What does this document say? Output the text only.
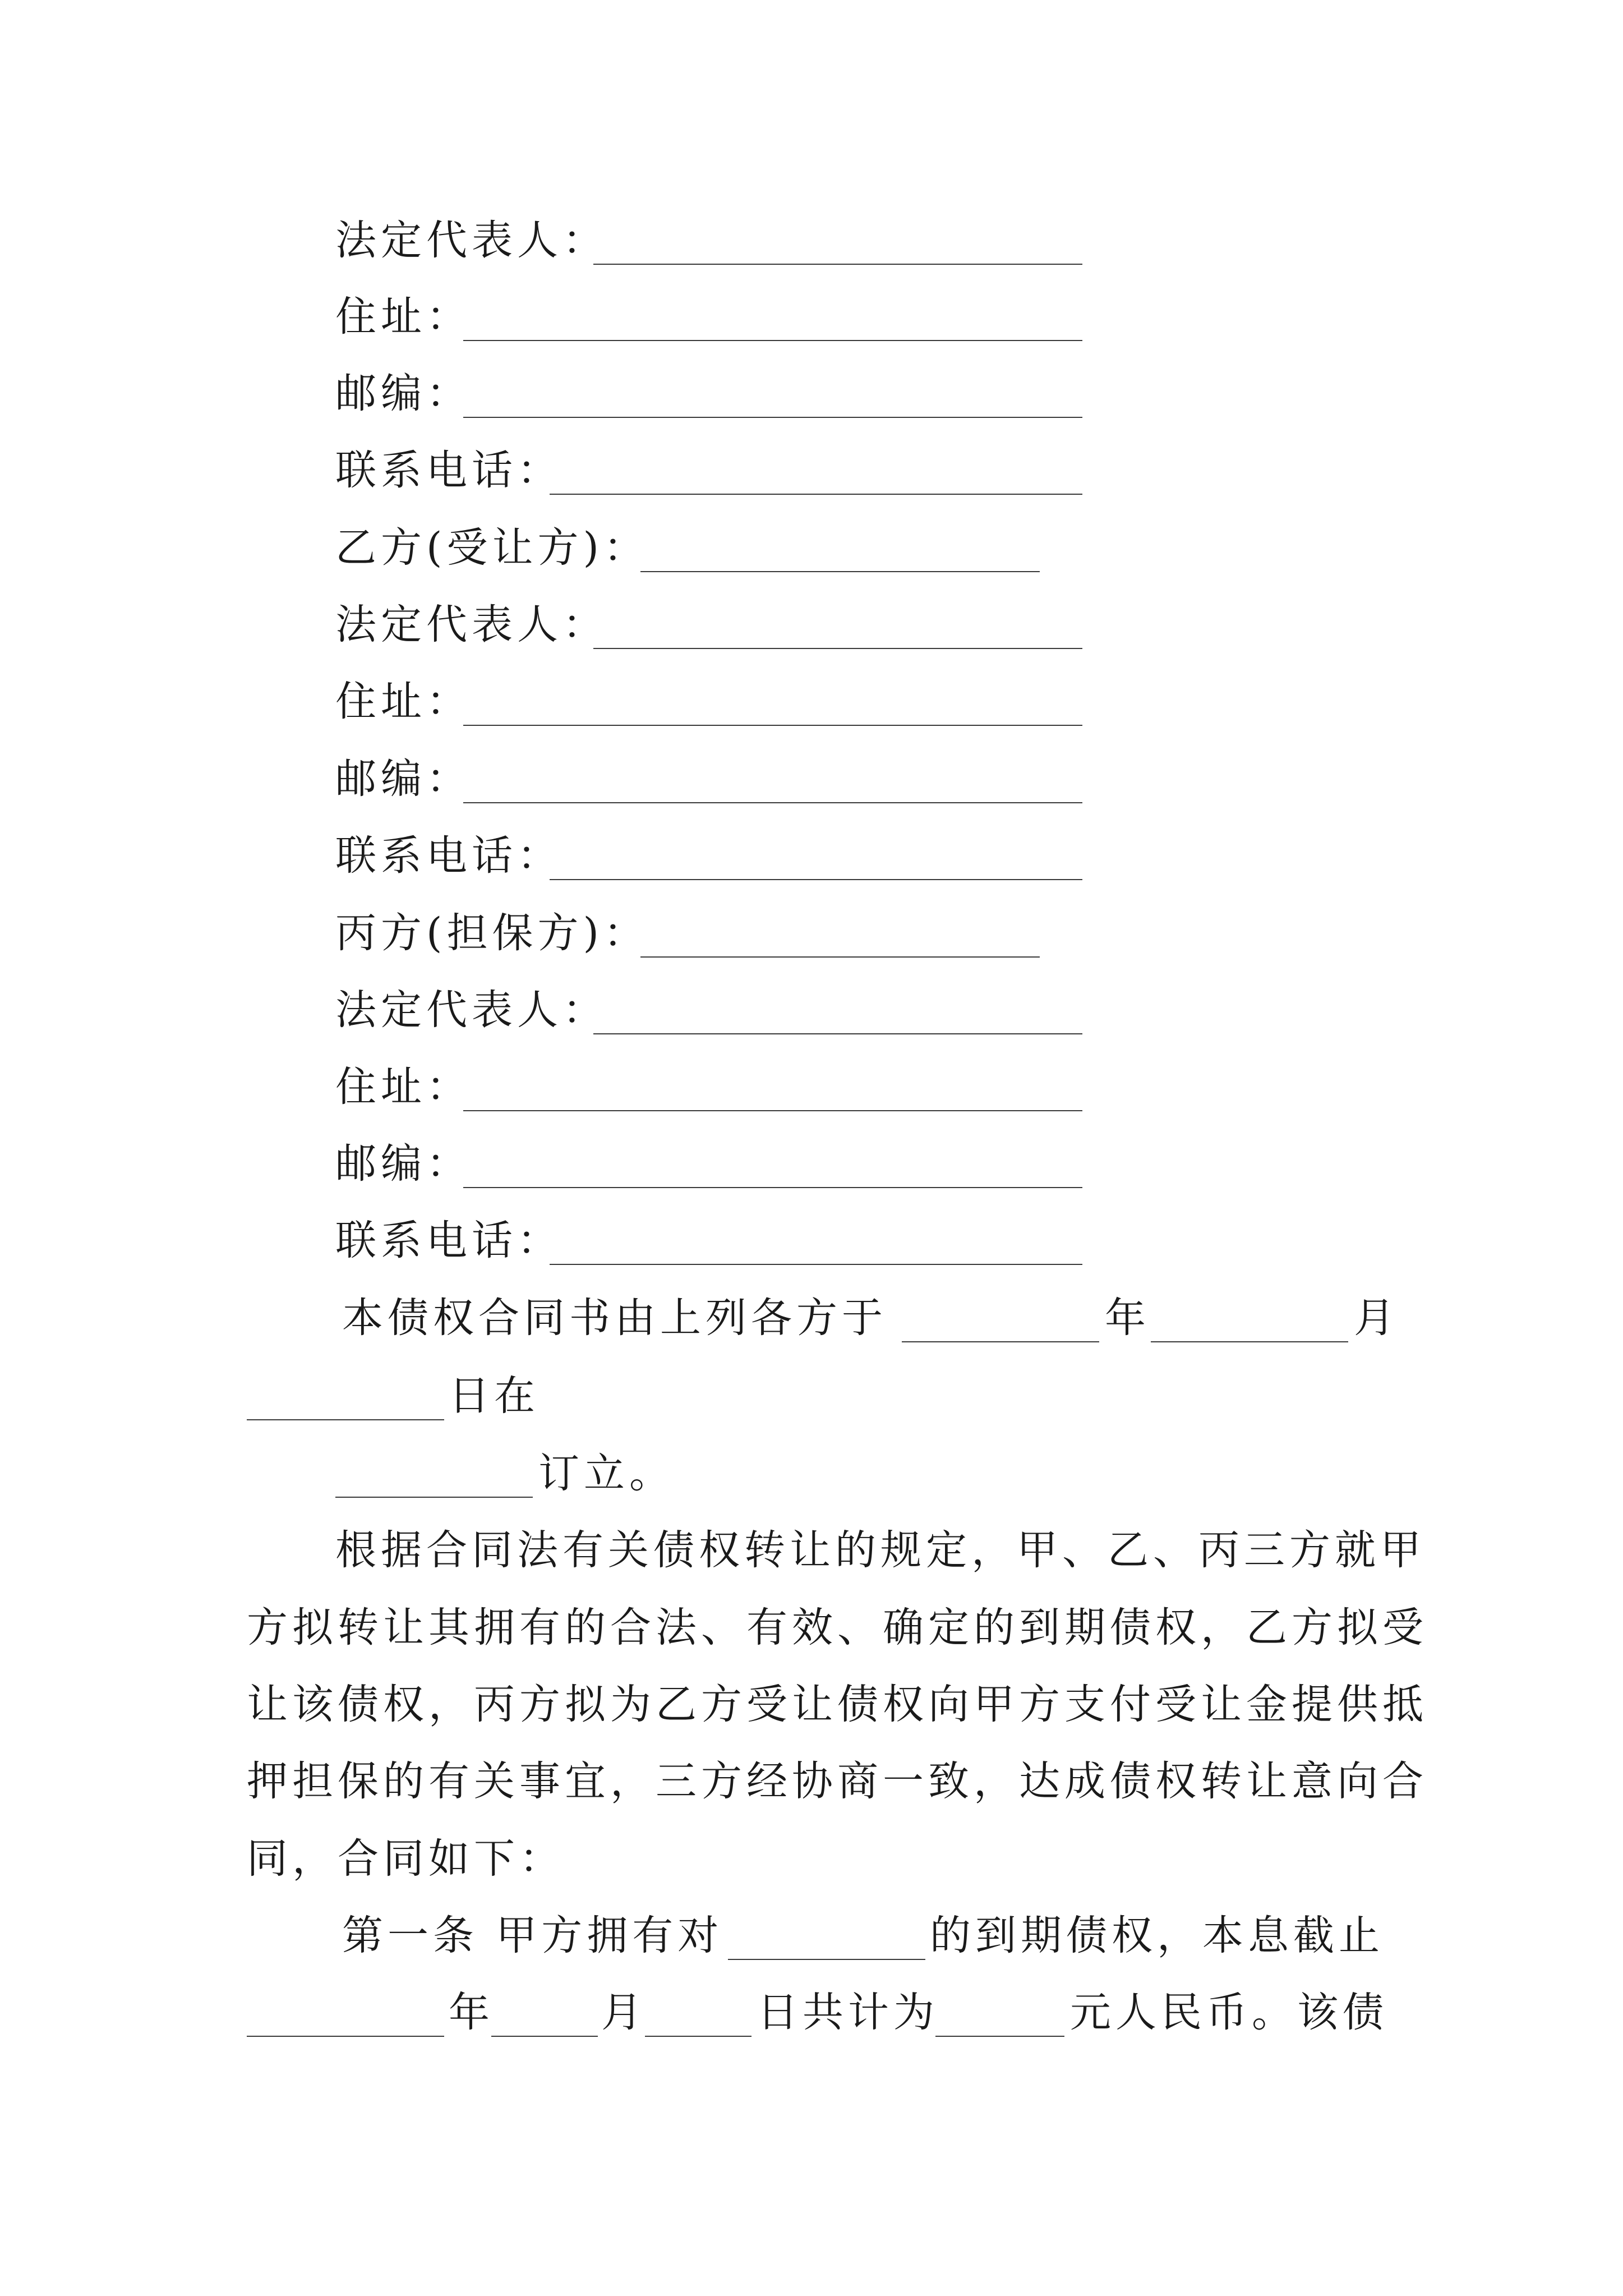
法定代表人：
住址：
邮编：
联系电话：
乙方(受让方)：
法定代表人：
住址：
邮编：
联系电话：
丙方(担保方)：
法定代表人：
住址：
邮编：
联系电话：
本债权合同书由上列各方于	年	月
日在
订立。
根据合同法有关债权转让的规定，甲、乙、丙三方就甲
方拟转让其拥有的合法、有效、确定的到期债权，乙方拟受
让该债权，丙方拟为乙方受让债权向甲方支付受让金提供抵
押担保的有关事宜，三方经协商一致，达成债权转让意向合
同，合同如下：
第一条 甲方拥有对	的到期债权，本息截止
年	月	日共计为	元人民币。该债
